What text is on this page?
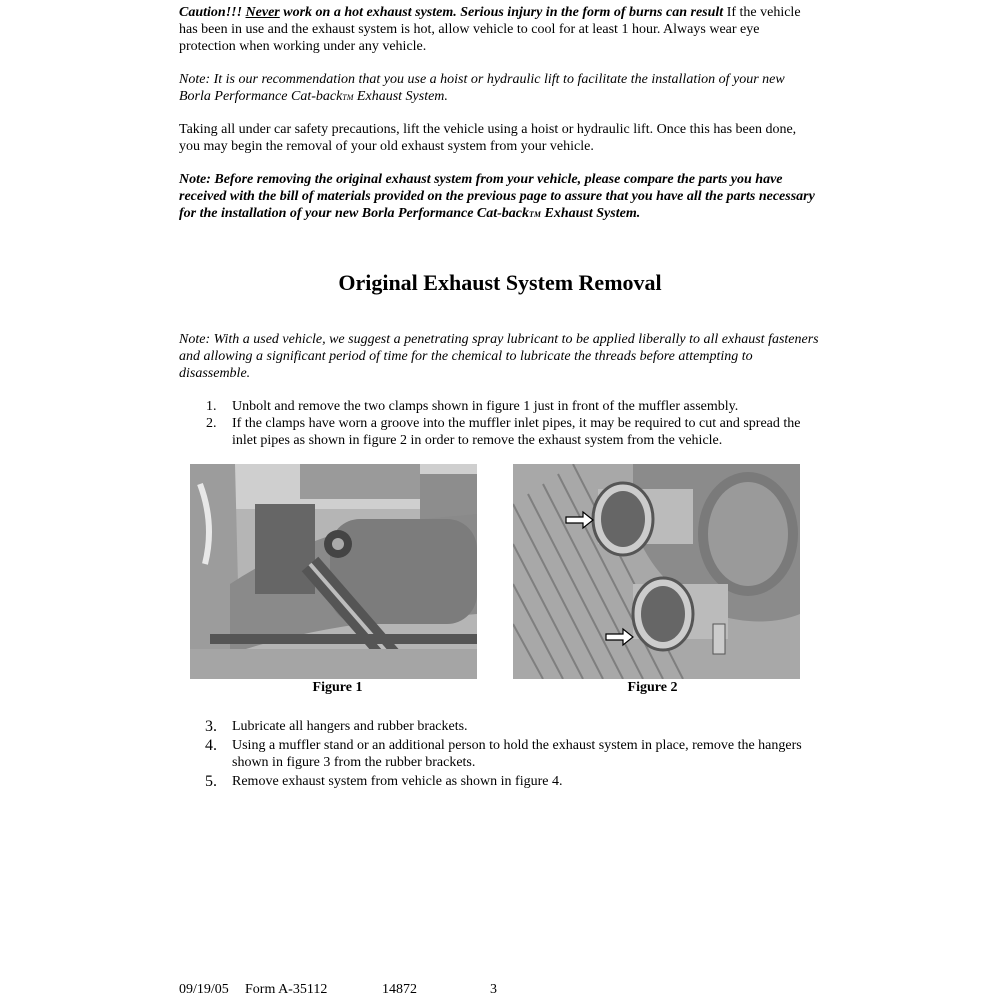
Caution!!! Never work on a hot exhaust system. Serious injury in the form of burns can result If the vehicle has been in use and the exhaust system is hot, allow vehicle to cool for at least 1 hour. Always wear eye protection when working under any vehicle.

Note: It is our recommendation that you use a hoist or hydraulic lift to facilitate the installation of your new Borla Performance Cat-backTM Exhaust System.

Taking all under car safety precautions, lift the vehicle using a hoist or hydraulic lift. Once this has been done, you may begin the removal of your old exhaust system from your vehicle.

Note: Before removing the original exhaust system from your vehicle, please compare the parts you have received with the bill of materials provided on the previous page to assure that you have all the parts necessary for the installation of your new Borla Performance Cat-backTM Exhaust System.

Original Exhaust System Removal

Note: With a used vehicle, we suggest a penetrating spray lubricant to be applied liberally to all exhaust fasteners and allowing a significant period of time for the chemical to lubricate the threads before attempting to disassemble.

1. Unbolt and remove the two clamps shown in figure 1 just in front of the muffler assembly.
2. If the clamps have worn a groove into the muffler inlet pipes, it may be required to cut and spread the inlet pipes as shown in figure 2 in order to remove the exhaust system from the vehicle.
Figure 1	Figure 2
3. Lubricate all hangers and rubber brackets.
4. Using a muffler stand or an additional person to hold the exhaust system in place, remove the hangers shown in figure 3 from the rubber brackets.
5. Remove exhaust system from vehicle as shown in figure 4.
09/19/05 Form A-35112	14872	3
